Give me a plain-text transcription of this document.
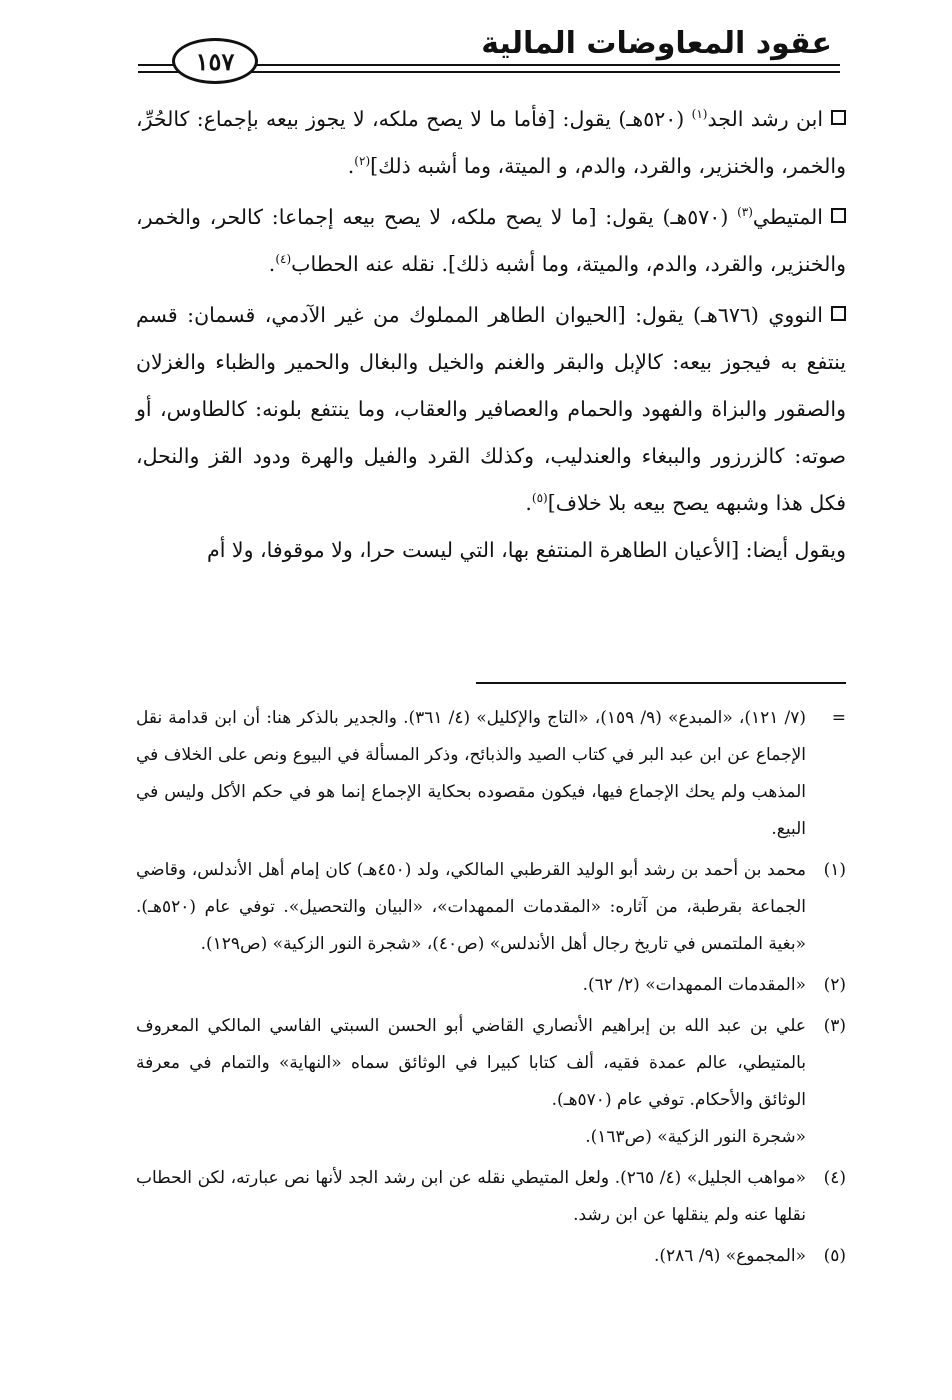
عقود المعاوضات المالية
١٥٧

ابن رشد الجد$^{(١)}$ (٥٢٠هـ) يقول: [فأما ما لا يصح ملكه، لا يجوز بيعه بإجماع: كالحُرِّ، والخمر، والخنزير، والقرد، والدم، و الميتة، وما أشبه ذلك]$^{(٢)}$.

المتيطي$^{(٣)}$ (٥٧٠هـ) يقول: [ما لا يصح ملكه، لا يصح بيعه إجماعا: كالحر، والخمر، والخنزير، والقرد، والدم، والميتة، وما أشبه ذلك]. نقله عنه الحطاب$^{(٤)}$.

النووي (٦٧٦هـ) يقول: [الحيوان الطاهر المملوك من غير الآدمي، قسمان: قسم ينتفع به فيجوز بيعه: كالإبل والبقر والغنم والخيل والبغال والحمير والظباء والغزلان والصقور والبزاة والفهود والحمام والعصافير والعقاب، وما ينتفع بلونه: كالطاوس، أو صوته: كالزرزور والببغاء والعندليب، وكذلك القرد والفيل والهرة ودود القز والنحل، فكل هذا وشبهه يصح بيعه بلا خلاف]$^{(٥)}$.
ويقول أيضا: [الأعيان الطاهرة المنتفع بها، التي ليست حرا، ولا موقوفا، ولا أم

=
(٧/ ١٢١)، «المبدع» (٩/ ١٥٩)، «التاج والإكليل» (٤/ ٣٦١). والجدير بالذكر هنا: أن ابن قدامة نقل الإجماع عن ابن عبد البر في كتاب الصيد والذبائح، وذكر المسألة في البيوع ونص على الخلاف في المذهب ولم يحك الإجماع فيها، فيكون مقصوده بحكاية الإجماع إنما هو في حكم الأكل وليس في البيع.

(١)
محمد بن أحمد بن رشد أبو الوليد القرطبي المالكي، ولد (٤٥٠هـ) كان إمام أهل الأندلس، وقاضي الجماعة بقرطبة، من آثاره: «المقدمات الممهدات»، «البيان والتحصيل». توفي عام (٥٢٠هـ). «بغية الملتمس في تاريخ رجال أهل الأندلس» (ص٤٠)، «شجرة النور الزكية» (ص١٢٩).

(٢)
«المقدمات الممهدات» (٢/ ٦٢).

(٣)
علي بن عبد الله بن إبراهيم الأنصاري القاضي أبو الحسن السبتي الفاسي المالكي المعروف بالمتيطي، عالم عمدة فقيه، ألف كتابا كبيرا في الوثائق سماه «النهاية» والتمام في معرفة الوثائق والأحكام. توفي عام (٥٧٠هـ).
«شجرة النور الزكية» (ص١٦٣).

(٤)
«مواهب الجليل» (٤/ ٢٦٥). ولعل المتيطي نقله عن ابن رشد الجد لأنها نص عبارته، لكن الحطاب نقلها عنه ولم ينقلها عن ابن رشد.

(٥)
«المجموع» (٩/ ٢٨٦).
